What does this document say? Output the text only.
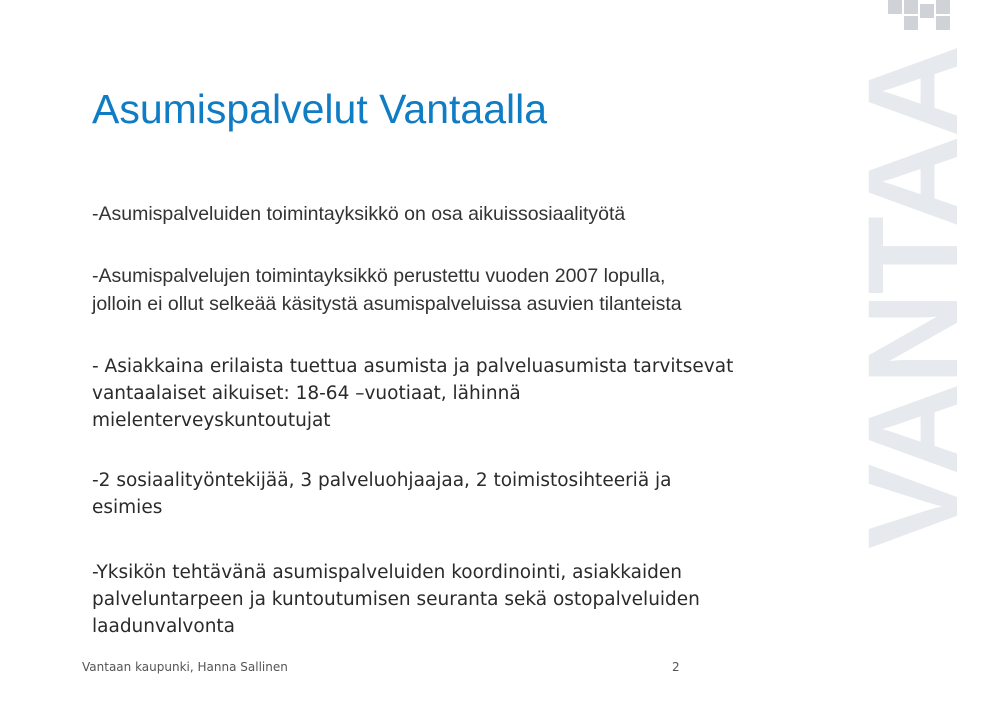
VANTAA
Asumispalvelut Vantaalla

-Asumispalveluiden toimintayksikkö on osa aikuissosiaalityötä

-Asumispalvelujen toimintayksikkö perustettu vuoden 2007 lopulla,
jolloin ei ollut selkeää käsitystä asumispalveluissa asuvien tilanteista

- Asiakkaina erilaista tuettua asumista ja palveluasumista tarvitsevat
vantaalaiset aikuiset: 18-64 –vuotiaat, lähinnä
mielenterveyskuntoutujat

-2 sosiaalityöntekijää, 3 palveluohjaajaa, 2 toimistosihteeriä ja
esimies

-Yksikön tehtävänä asumispalveluiden koordinointi, asiakkaiden
palveluntarpeen ja kuntoutumisen seuranta sekä ostopalveluiden
laadunvalvonta

Vantaan kaupunki, Hanna Sallinen	2
